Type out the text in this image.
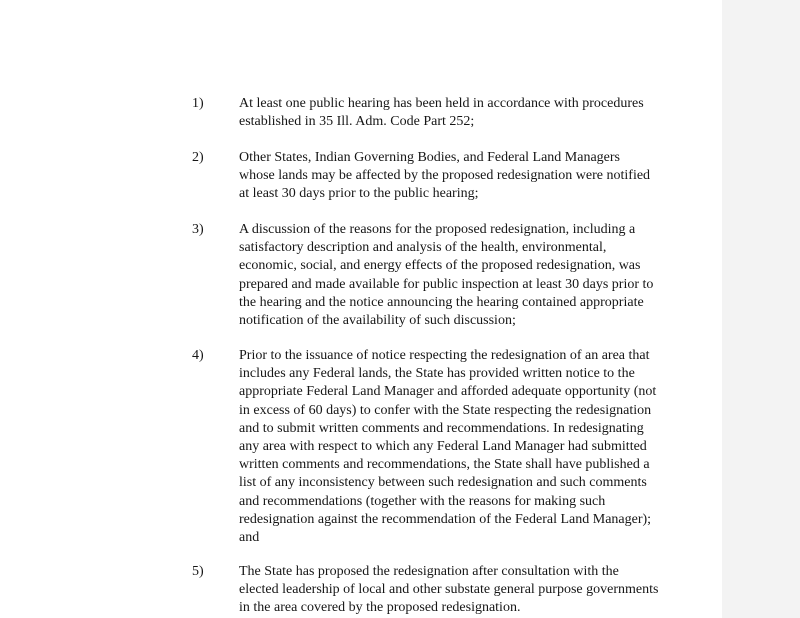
1)	At least one public hearing has been held in accordance with procedures
established in 35 Ill. Adm. Code Part 252;
2)	Other States, Indian Governing Bodies, and Federal Land Managers
whose lands may be affected by the proposed redesignation were notified
at least 30 days prior to the public hearing;
3)	A discussion of the reasons for the proposed redesignation, including a
satisfactory description and analysis of the health, environmental,
economic, social, and energy effects of the proposed redesignation, was
prepared and made available for public inspection at least 30 days prior to
the hearing and the notice announcing the hearing contained appropriate
notification of the availability of such discussion;
4)	Prior to the issuance of notice respecting the redesignation of an area that
includes any Federal lands, the State has provided written notice to the
appropriate Federal Land Manager and afforded adequate opportunity (not
in excess of 60 days) to confer with the State respecting the redesignation
and to submit written comments and recommendations. In redesignating
any area with respect to which any Federal Land Manager had submitted
written comments and recommendations, the State shall have published a
list of any inconsistency between such redesignation and such comments
and recommendations (together with the reasons for making such
redesignation against the recommendation of the Federal Land Manager);
and
5)	The State has proposed the redesignation after consultation with the
elected leadership of local and other substate general purpose governments
in the area covered by the proposed redesignation.
